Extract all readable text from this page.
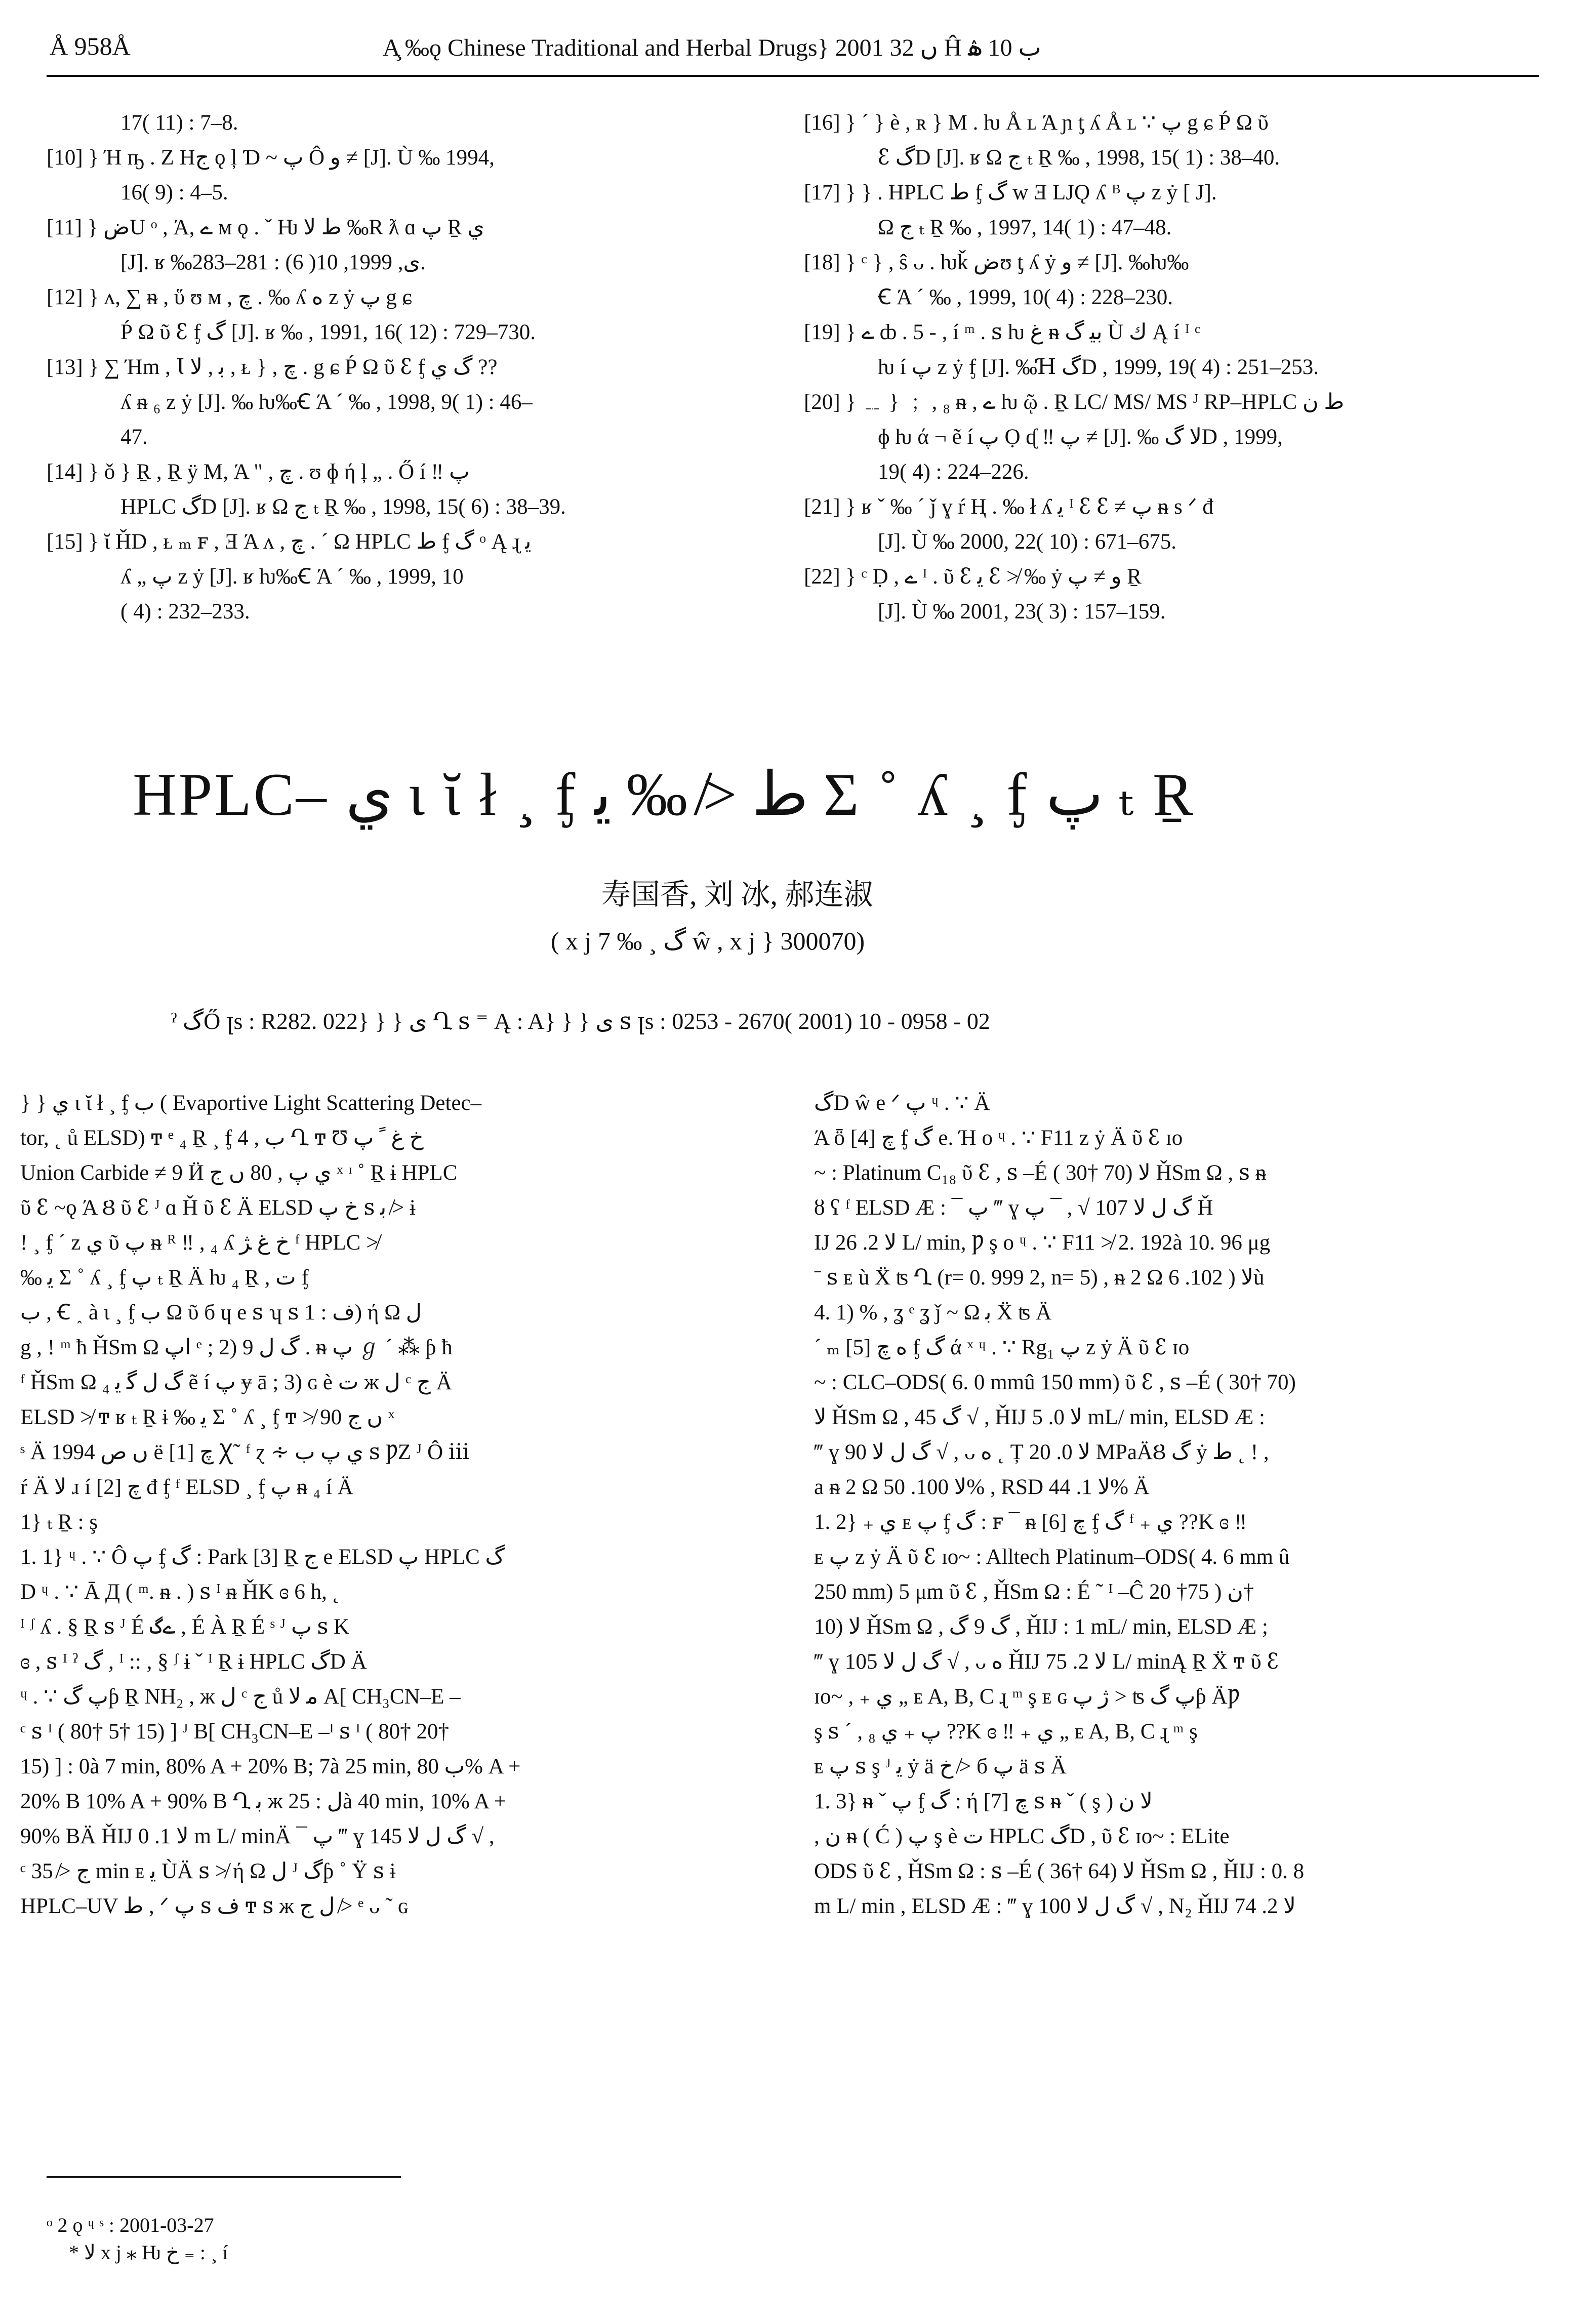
Å 958Å	A̧ ‰ǫ Chinese Traditional and Herbal Drugs} 2001 ں 32 Ĥ ب 10 ۿ

17( 11) : 7–8.

[10] } Ή ҧ . Z Hج ǫ ļ Ɗ ~ پ Ô ﻭ ≠ [J]. Ù ‰ 1994,

16( 9) : 4–5.

[11] } ضU ᵒ , Ά, ے ᴍ ǫ . ˇ Ƕ ﻁ ﻻ ‰R ƛ ɑ پ Ṟ ي

[J]. ʁ ‰ى, 1999, 10( 6) : 281–283.

[12] } ᴧ, ∑ ᵰ , ὕ ʊ ᴍ , ﭺ . ‰ ʎ ﻩ z ẏ پ g ɕ

Ṕ Ω ῦ ꜫ ᶂ گ [J]. ʁ ‰ , 1991, 16( 12) : 729–730.

[13] } ∑ Ήm , Ꙇ ﺑ , ﻻ , ᴌ } , ﭺ . g ɕ Ṕ Ω ῦ ꜫ ᶂ گ ي ??

ʎ ᵰ ₆ z ẏ [J]. ‰ ƕ‰Ꞓ Ά ´ ‰ , 1998, 9( 1) : 46–

47.

[14] } ǒ } Ṟ , Ṟ ÿ M, Ά " , ﭺ . ʊ ɸ ή ļ „ . Ő í ‼ پ

HPLC گD [J]. ʁ Ω ج ₜ Ṟ ‰ , 1998, 15( 6) : 38–39.

[15] } ῐ ȞD , ᴌ ₘ ꜰ , Ǝ Ά ᴧ , ﭺ . ´ Ω HPLC ﻁ ᶂ گ ᵒ Ą ɻ ﯾ

ʎ „ پ z ẏ [J]. ʁ ƕ‰Ꞓ Ά ´ ‰ , 1999, 10

( 4) : 232–233.

[16] } ´ } è , ʀ } M . ƕ Å ʟ Ά ɲ ƫ ʎ Å ʟ ∵ پ g ɕ Ṕ Ω ῦ

ꜫ گD [J]. ʁ Ω ج ₜ Ṟ ‰ , 1998, 15( 1) : 38–40.

[17] } } . HPLC ﻁ ᶂ گ ᴡ Ǝ LJǪ ʎ ᴮ پ z ẏ [ J].

Ω ج ₜ Ṟ ‰ , 1997, 14( 1) : 47–48.

[18] } ᶜ } , ŝ ᴗ . ƕǩ ضʊ ƫ ʎ ẏ ﻭ ≠ [J]. ‰ƕ‰

Ꞓ Ά ´ ‰ , 1999, 10( 4) : 228–230.

[19] } ے ȸ . 5 - , í ᵐ . ꜱ ƕ ﻍ ᵰ ﺑﻴ گ Ù ﻙ Ą í ᴵ ᶜ

ƕ í پ z ẏ ᶂ [J]. ‰Ɦ گD , 1999, 19( 4) : 251–253.

[20] } ﹎ } ﹔ , ₈ ᵰ , ے ƕ ῷ . Ṟ LC/ MS/ MS ᴶ RP–HPLC ﻁ ﻥ

ɸ ƕ ά ¬ ẽ í پ Ọ ᶑ ‼ پ ≠ [J]. ‰ ﻻ گD , 1999,

19( 4) : 224–226.

[21] } ʁ ˇ ‰ ´ ǰ ɣ ŕ Ⱨ . ‰ ł ʎ ﯾ ᴵ ꜫ ꜫ ≠ پ ᵰ s ᐟ đ

[J]. Ù ‰ 2000, 22( 10) : 671–675.

[22] } ᶜ Ḍ , ے ᴵ . ῦ ꜫ ﯾ ꜫ ≯ ‰ ẏ ﻭ ≠ پ Ṟ

[J]. Ù ‰ 2001, 23( 3) : 157–159.

HPLC– ي ɩ ῐ ł ¸ ᶂ ﻁ ≯ ‰ ﯾ Σ ˚ ʎ ¸ ᶂ پ ₜ Ṟ
寿国香, 刘 冰, 郝连淑
( x j 7 ‰ ¸ گ ŵ , x j } 300070)
ˀ گŐ ꞁs : R282. 022} } } ى Ղ ꜱ ⁼ Ą : A} } } ى ꜱ ꞁs : 0253 - 2670( 2001) 10 - 0958 - 02

} } ي ɩ ῐ ł ¸ ᶂ ب ( Evaportive Light Scattering Detec–

tor, ˛ ů ELSD) ͳ ᵉ ₄ Ṟ ¸ ᶂ ب , 4 Ղ ͳ Ʊ ﺥ ﻍ ﹰ پ

Union Carbide ≠ 9 Ӥ ي پ , 80 ں ج ˣ ᶦ ˚ Ṟ ɨ HPLC

ῦ ꜫ ~ǫ Ά Ȣ ῦ ꜫ ᴶ ɑ Ȟ ῦ ꜫ Ä ELSD ﺥ پ ꜱ ﺑ ≯ ɨ

ǃ ¸ ᶂ ´ z ي ῦ پ ᵰ ᴿ ‼ , ₄ ʎ ﺥ ﻍ ﮋ ᶠ HPLC ≯

‰ ﯾ Σ ˚ ʎ ¸ ᶂ پ ₜ Ṟ Ä ƕ ₄ Ṟ , ﺕ ᶂ

ب , Ꞓ ˰ à ɩ ¸ ᶂ ب Ω ῦ б ɥ e ꜱ ʮ ꜱ ﻑ : 1) ή Ω ﻝ

g , ǃ ᵐ ħ ȞSm Ω اپ ᵉ ; 2) 9 گ ﻝ . ᵰ پ ℊ ´ ⁂ ƥ ħ

ᶠ ȞSm Ω ₄ گ ﻝ ﮔ ﯾ ẽ í پ ɏ ā ; 3) ɢ è ﺕ ж ﻝ ᶜ ج Ä

ELSD ≯ ͳ ʁ ₜ Ṟ ɨ ‰ ﯾ Σ ˚ ʎ ¸ ᶂ ͳ ≯ 90 ں ج ˣ

ˢ Ä 1994 ں ﺹ ë ﭺ [1] Ꭓ˜ ᶠ ɀ ∻ ي پ ب ꜱ ǷZ ᴶ Ô ⅲ

ŕ Ä ﻻ ɹ í ﭺ [2] đ ᶂ ᶠ ELSD ¸ ᶂ پ ᵰ ₄ í Ä

1} ₜ Ṟ : ş

1. 1} ᶣ . ∵ Ô پ ᶂ گ : Park [3] Ṟ ج e ELSD پ HPLC گ

D ᶣ . ∵ Ā Д ( ᵐ. ᵰ . ) ꜱ ᴵ ᵰ ȞK ɞ 6 h, ˛

ᴵ ᶴ ʎ . § Ṟ ꜱ ᴶ É ےگ , É À Ṟ É ˢ ᴶ پ ꜱ K

ɞ , ꜱ ᴵ ˀ گ , ᴵ :: , § ᶴ ɨ ˇ ᴵ Ṟ ɨ HPLC گD Ä

ᶣ . ∵ پ گƥ Ṟ NH₂ , ж ﻝ ᶜ ج ů ﻣ ﻻ A[ CH₃CN–E –

ᶜ ꜱ ᴵ ( 80† 5† 15) ] ᴶ B[ CH₃CN–E –ᴵ ꜱ ᴵ ( 80† 20†

15) ] : 0à 7 min, 80% A + 20% B; 7à 25 min, ب 80% A +

20% B 10% A + 90% B Ղ ﺑ ж ﻝ : 25à 40 min, 10% A +

90% BÄ ȞIJ ﻻ 1. 0 m L/ minÄ ¯ پ ‴ ɣ گ ﻝ ﻻ 145 √ ,

ᶜ ج ≯ 35 min ᴇ ﯾ ÙÄ ꜱ ≯ ή Ω ﻝ ᴶ گƥ ˚ Ÿ ꜱ ɨ

HPLC–UV ﻁ , ᐟ پ ꜱ ﻑ ͳ ꜱ ж ﻝ ج ≯ ᵉ ᴗ ˜ ɢ

گD ŵ e ᐟ پ ᶣ . ∵ Ä

Ά ȫ ﭺ [4] ᶂ گ e. Ή o ᶣ . ∵ F11 z ẏ Ä ῦ ꜫ ɪᴏ

~ : Platinum C₁₈ ῦ ꜫ , ꜱ –É ( 30† 70) ﻻ ȞSm Ω , ꜱ ᵰ

ȣ ʕ ᶠ ELSD Æ : ¯ پ ‴ ɣ گ ﻝ ﻻ 107 √ , ¯ پ Ȟ

IJ ﻻ 2. 26 L/ min, Ƿ ş o ᶣ . ∵ F11 ≯ 2. 192à 10. 96 μg

ˉ ꜱ ᴇ ù Ẍ ʦ Ղ (r= 0. 999 2, n= 5) , ᵰ 2 Ω ﻻ ( 102. 6ù

4. 1) % , ʓ ᵉ ʓ ǰ ~ Ω ﺑ Ẍ ʦ Ä

´ ₘ ﻩ ﭺ [5] ᶂ گ ά ˣ ᶣ . ∵ Rg₁ پ z ẏ Ä ῦ ꜫ ɪᴏ

~ : CLC–ODS( 6. 0 mmû 150 mm) ῦ ꜫ , ꜱ –É ( 30† 70)

ﻻ ȞSm Ω , گ 45 √ , ȞIJ ﻻ 0. 5 mL/ min, ELSD Æ :

‴ ɣ گ ﻝ ﻻ 90 √ , ᴗ ﻩ ˛ Ț ﻻ 0. 20 MPaÄȢ گ ẏ ﻁ ˛ ! ,

a ᵰ 2 Ω ﻻ 100. 50% , RSD ﻻ 1. 44% Ä

1. 2} ₊ ي ᴇ پ ᶂ گ : ꜰ ¯ ᵰ ﭺ [6] ᶂ گ ᶠ ₊ ي ??K ɞ ‼

ᴇ پ z ẏ Ä ῦ ꜫ ɪᴏ~ : Alltech Platinum–ODS( 4. 6 mm û

250 mm) 5 μm ῦ ꜫ , ȞSm Ω : É ˜ ᴵ –Ĉ ﻥ ( 75† 20†

10) ﻻ ȞSm Ω , گ 9 گ , ȞIJ : 1 mL/ min, ELSD Æ ;

‴ ɣ گ ﻝ ﻻ 105 √ , ᴗ ﻩ ȞIJ ﻻ 2. 75 L/ minĄ Ṟ Ẍ ͳ ῦ ꜫ

ɪᴏ~ , ₊ ي „ ᴇ A, B, C ɻ ᵐ ş ᴇ ɢ ژ پ > ʦ پ گƥ ÄǷ

ş ꜱ ´ , ₈ پ ₊ ي ??K ɞ ‼ ₊ ي „ ᴇ A, B, C ɻ ᵐ ş

ᴇ پ ꜱ ş ᴶ ﯾ ẏ ä ﺥ ≯ б پ ä ꜱ Ä

1. 3} ᵰ ˇ پ ᶂ گ : ή ﭺ [7] ꜱ ᵰ ˇ ( ş ) ﻻ ﻥ

, ﻥ ᵰ ( Ć ) پ ş è ﺕ HPLC گD , ῦ ꜫ ɪᴏ~ : ELite

ODS ῦ ꜫ , ȞSm Ω : ꜱ –É ( 36† 64) ﻻ ȞSm Ω , ȞIJ : 0. 8

m L/ min , ELSD Æ : ‴ ɣ گ ﻝ ﻻ 100 √ , N₂ ȞIJ ﻻ 2. 74

ᵒ 2 ǫ ᶣ ˢ : 2001-03-27

* ﻻ x j ⁎ Ƕ ﺥ ₌ : ¸ í
